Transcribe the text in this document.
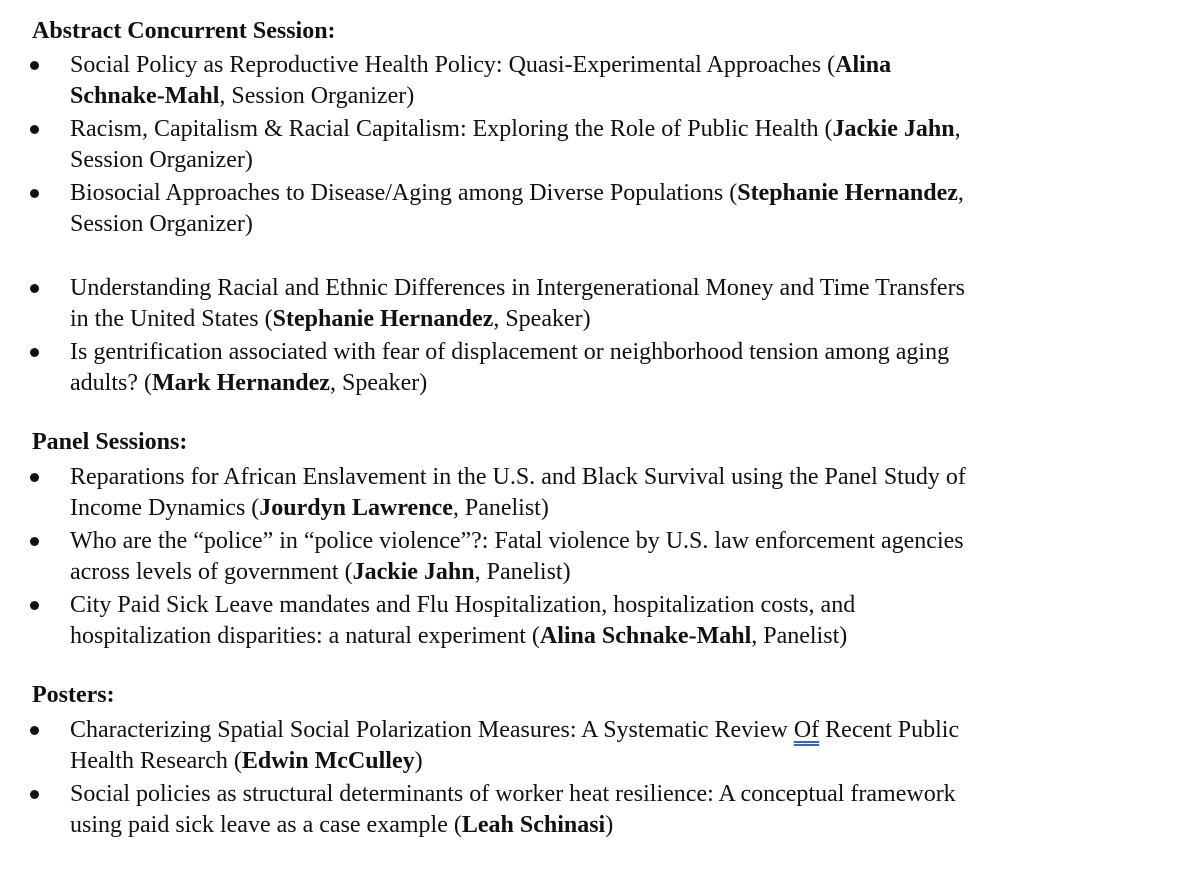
Abstract Concurrent Session:
Social Policy as Reproductive Health Policy: Quasi-Experimental Approaches (Alina
Schnake-Mahl, Session Organizer)
Racism, Capitalism & Racial Capitalism: Exploring the Role of Public Health (Jackie Jahn,
Session Organizer)
Biosocial Approaches to Disease/Aging among Diverse Populations (Stephanie Hernandez,
Session Organizer)
Understanding Racial and Ethnic Differences in Intergenerational Money and Time Transfers
in the United States (Stephanie Hernandez, Speaker)
Is gentrification associated with fear of displacement or neighborhood tension among aging
adults? (Mark Hernandez, Speaker)
Panel Sessions:
Reparations for African Enslavement in the U.S. and Black Survival using the Panel Study of
Income Dynamics (Jourdyn Lawrence, Panelist)
Who are the “police” in “police violence”?: Fatal violence by U.S. law enforcement agencies
across levels of government (Jackie Jahn, Panelist)
City Paid Sick Leave mandates and Flu Hospitalization, hospitalization costs, and
hospitalization disparities: a natural experiment (Alina Schnake-Mahl, Panelist)
Posters:
Characterizing Spatial Social Polarization Measures: A Systematic Review Of Recent Public
Health Research (Edwin McCulley)
Social policies as structural determinants of worker heat resilience: A conceptual framework
using paid sick leave as a case example (Leah Schinasi)
